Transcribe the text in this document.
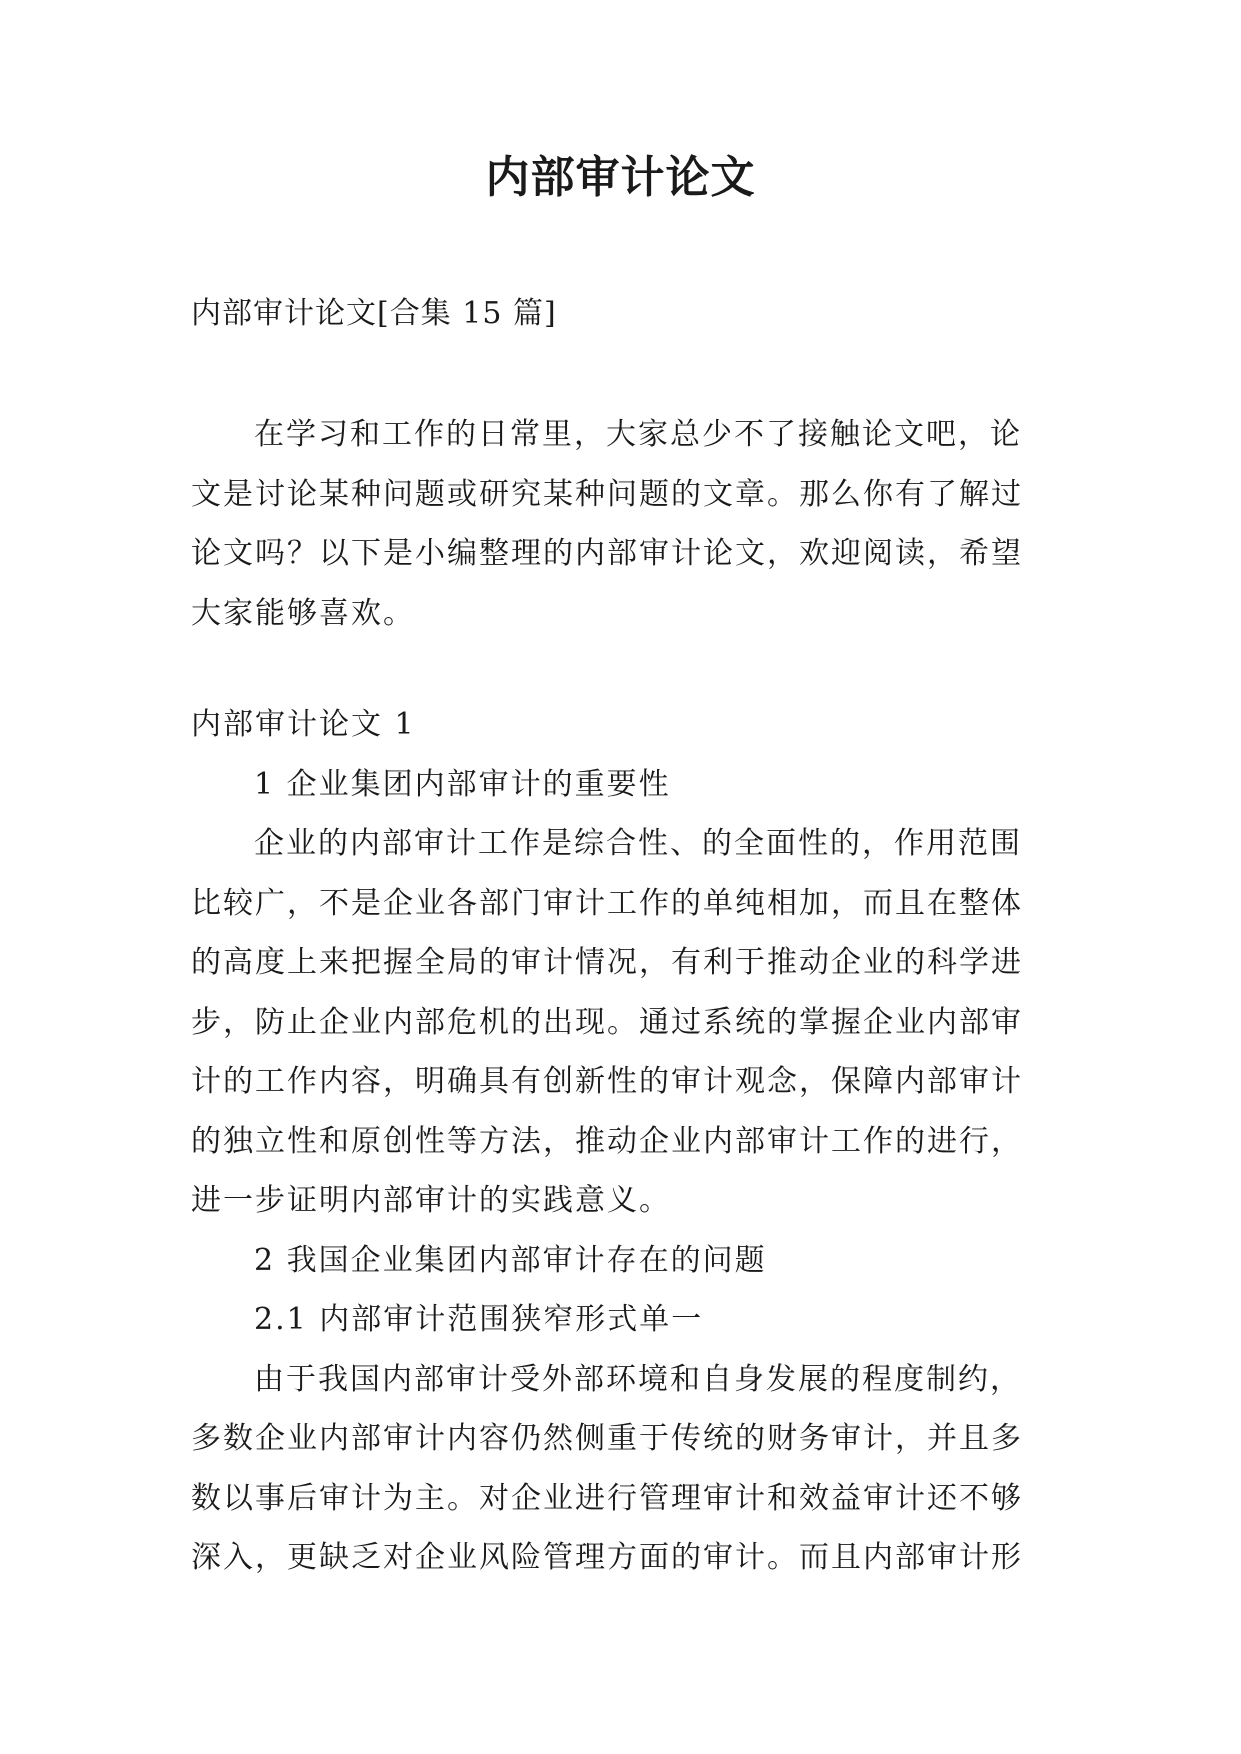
内部审计论文
内部审计论文[合集 15 篇]

在学习和工作的日常里，大家总少不了接触论文吧，论文是讨论某种问题或研究某种问题的文章。那么你有了解过论文吗？以下是小编整理的内部审计论文，欢迎阅读，希望大家能够喜欢。

内部审计论文 1

1 企业集团内部审计的重要性

企业的内部审计工作是综合性、的全面性的，作用范围比较广，不是企业各部门审计工作的单纯相加，而且在整体的高度上来把握全局的审计情况，有利于推动企业的科学进步，防止企业内部危机的出现。通过系统的掌握企业内部审计的工作内容，明确具有创新性的审计观念，保障内部审计的独立性和原创性等方法，推动企业内部审计工作的进行，进一步证明内部审计的实践意义。

2 我国企业集团内部审计存在的问题

2.1 内部审计范围狭窄形式单一

由于我国内部审计受外部环境和自身发展的程度制约，多数企业内部审计内容仍然侧重于传统的财务审计，并且多数以事后审计为主。对企业进行管理审计和效益审计还不够深入，更缺乏对企业风险管理方面的审计。而且内部审计形
